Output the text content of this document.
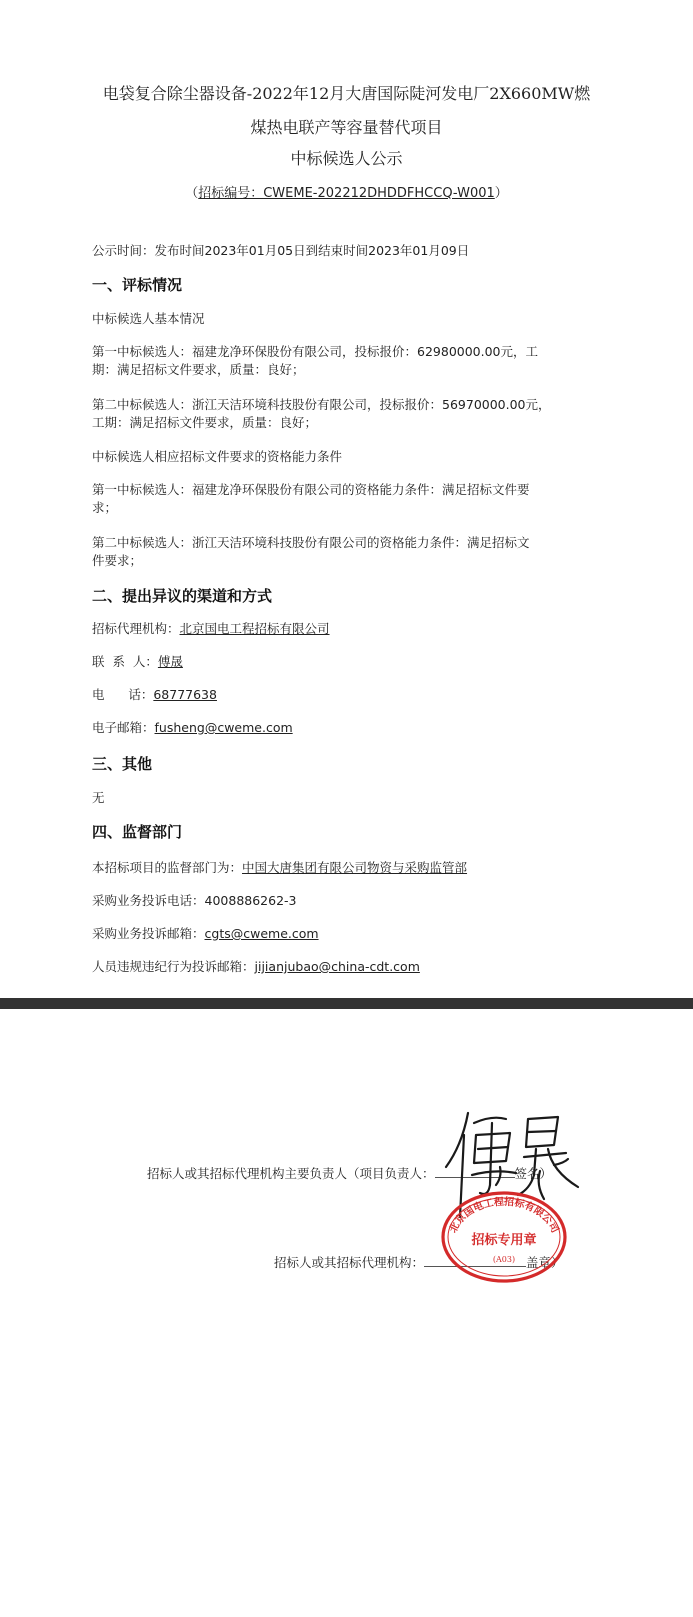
电袋复合除尘器设备-2022年12月大唐国际陡河发电厂2X660MW燃
煤热电联产等容量替代项目
中标候选人公示
（招标编号：CWEME-202212DHDDFHCCQ-W001）
公示时间：发布时间2023年01月05日到结束时间2023年01月09日
一、评标情况
中标候选人基本情况
第一中标候选人：福建龙净环保股份有限公司，投标报价：62980000.00元，工
期：满足招标文件要求，质量：良好；
第二中标候选人：浙江天洁环境科技股份有限公司，投标报价：56970000.00元，
工期：满足招标文件要求，质量：良好；
中标候选人相应招标文件要求的资格能力条件
第一中标候选人：福建龙净环保股份有限公司的资格能力条件：满足招标文件要
求；
第二中标候选人：浙江天洁环境科技股份有限公司的资格能力条件：满足招标文
件要求；
二、提出异议的渠道和方式
招标代理机构：北京国电工程招标有限公司
联  系  人：傅晟
电      话：68777638
电子邮箱：fusheng@cweme.com
三、其他
无
四、监督部门
本招标项目的监督部门为：中国大唐集团有限公司物资与采购监管部
采购业务投诉电话：4008886262-3
采购业务投诉邮箱：cgts@cweme.com
人员违规违纪行为投诉邮箱：jijianjubao@china-cdt.com
招标人或其招标代理机构主要负责人（项目负责人：	签名）
招标人或其招标代理机构：	盖章）
北京国电工程招标有限公司
招标专用章
(A03)
